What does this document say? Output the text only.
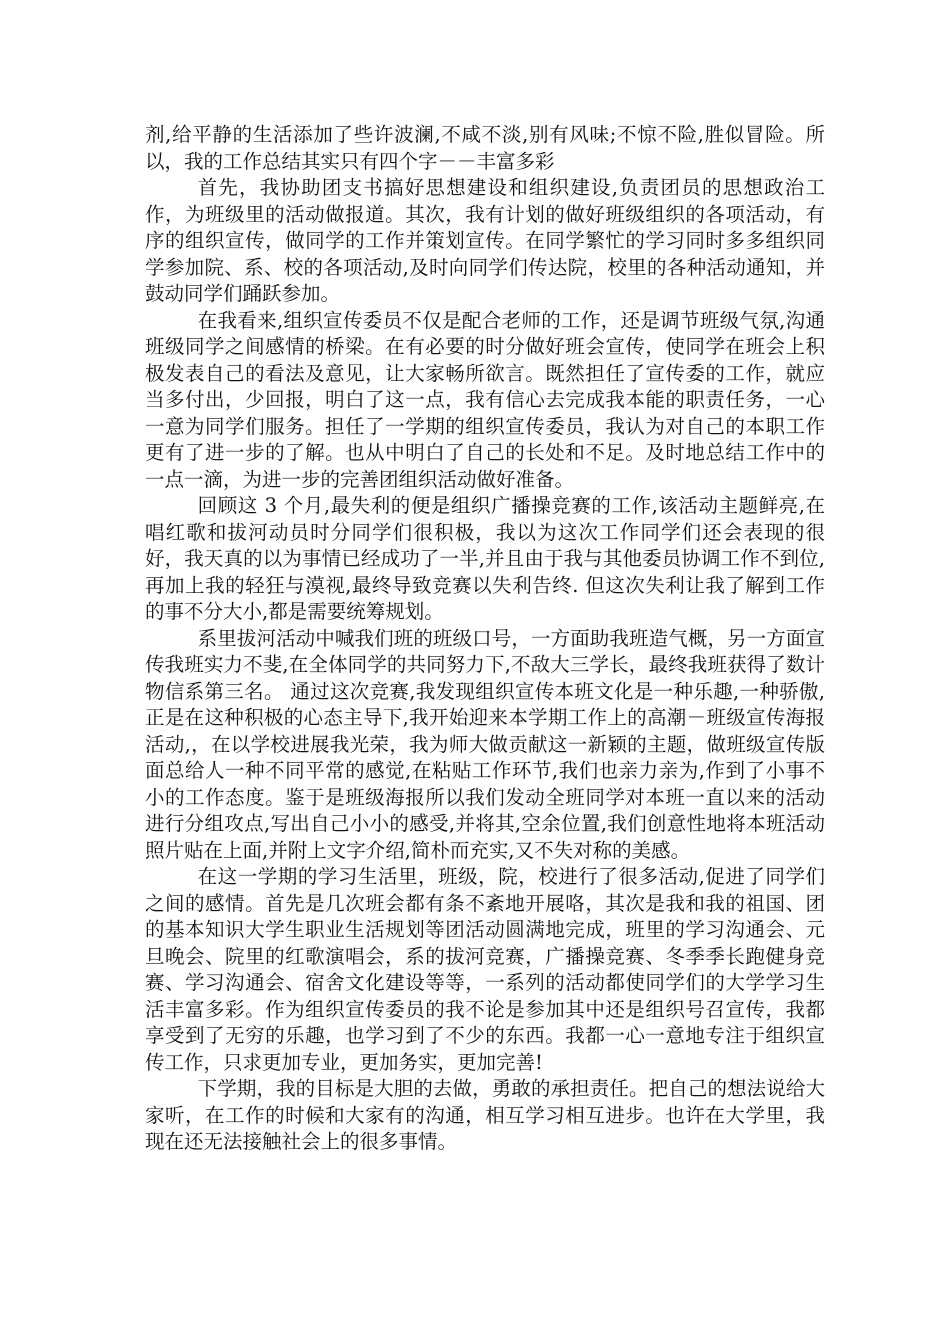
剂,给平静的生活添加了些许波澜,不咸不淡,别有风味;不惊不险,胜似冒险。所以，我的工作总结其实只有四个字－－丰富多彩

首先，我协助团支书搞好思想建设和组织建设,负责团员的思想政治工作，为班级里的活动做报道。其次，我有计划的做好班级组织的各项活动，有序的组织宣传，做同学的工作并策划宣传。在同学繁忙的学习同时多多组织同学参加院、系、校的各项活动,及时向同学们传达院，校里的各种活动通知，并鼓动同学们踊跃参加。

在我看来,组织宣传委员不仅是配合老师的工作，还是调节班级气氛,沟通班级同学之间感情的桥梁。在有必要的时分做好班会宣传，使同学在班会上积极发表自己的看法及意见，让大家畅所欲言。既然担任了宣传委的工作，就应当多付出，少回报，明白了这一点，我有信心去完成我本能的职责任务，一心一意为同学们服务。担任了一学期的组织宣传委员，我认为对自己的本职工作更有了进一步的了解。也从中明白了自己的长处和不足。及时地总结工作中的一点一滴，为进一步的完善团组织活动做好准备。

回顾这 3 个月,最失利的便是组织广播操竞赛的工作,该活动主题鲜亮,在唱红歌和拔河动员时分同学们很积极，我以为这次工作同学们还会表现的很好，我天真的以为事情已经成功了一半,并且由于我与其他委员协调工作不到位,再加上我的轻狂与漠视,最终导致竞赛以失利告终. 但这次失利让我了解到工作的事不分大小,都是需要统筹规划。

系里拔河活动中喊我们班的班级口号，一方面助我班造气概，另一方面宣传我班实力不斐,在全体同学的共同努力下,不敌大三学长，最终我班获得了数计物信系第三名。 通过这次竞赛,我发现组织宣传本班文化是一种乐趣,一种骄傲,正是在这种积极的心态主导下,我开始迎来本学期工作上的高潮－班级宣传海报活动,，在以学校进展我光荣，我为师大做贡献这一新颖的主题，做班级宣传版面总给人一种不同平常的感觉,在粘贴工作环节,我们也亲力亲为,作到了小事不小的工作态度。鉴于是班级海报所以我们发动全班同学对本班一直以来的活动进行分组攻点,写出自己小小的感受,并将其,空余位置,我们创意性地将本班活动照片贴在上面,并附上文字介绍,简朴而充实,又不失对称的美感。

在这一学期的学习生活里，班级，院，校进行了很多活动,促进了同学们之间的感情。首先是几次班会都有条不紊地开展咯，其次是我和我的祖国、团的基本知识大学生职业生活规划等团活动圆满地完成，班里的学习沟通会、元旦晚会、院里的红歌演唱会，系的拔河竞赛，广播操竞赛、冬季季长跑健身竞赛、学习沟通会、宿舍文化建设等等，一系列的活动都使同学们的大学学习生活丰富多彩。作为组织宣传委员的我不论是参加其中还是组织号召宣传，我都享受到了无穷的乐趣，也学习到了不少的东西。我都一心一意地专注于组织宣传工作，只求更加专业，更加务实，更加完善!

下学期，我的目标是大胆的去做，勇敢的承担责任。把自己的想法说给大家听，在工作的时候和大家有的沟通，相互学习相互进步。也许在大学里，我现在还无法接触社会上的很多事情。
